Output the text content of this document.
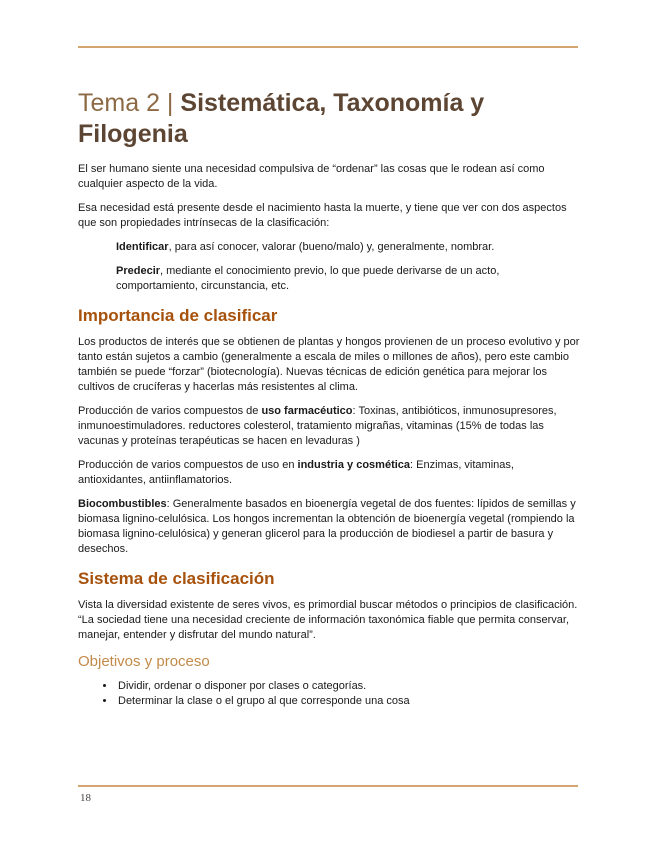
Tema 2 | Sistemática, Taxonomía y Filogenia

El ser humano siente una necesidad compulsiva de “ordenar” las cosas que le rodean así como cualquier aspecto de la vida.

Esa necesidad está presente desde el nacimiento hasta la muerte, y tiene que ver con dos aspectos que son propiedades intrínsecas de la clasificación:

Identificar, para así conocer, valorar (bueno/malo) y, generalmente, nombrar.

Predecir, mediante el conocimiento previo, lo que puede derivarse de un acto, comportamiento, circunstancia, etc.

Importancia de clasificar

Los productos de interés que se obtienen de plantas y hongos provienen de un proceso evolutivo y por tanto están sujetos a cambio (generalmente a escala de miles o millones de años), pero este cambio también se puede “forzar” (biotecnología). Nuevas técnicas de edición genética para mejorar los cultivos de crucíferas y hacerlas más resistentes al clima.

Producción de varios compuestos de uso farmacéutico: Toxinas, antibióticos, inmunosupresores, inmunoestimuladores. reductores colesterol, tratamiento migrañas, vitaminas (15% de todas las vacunas y proteínas terapéuticas se hacen en levaduras )

Producción de varios compuestos de uso en industria y cosmética: Enzimas, vitaminas, antioxidantes, antiinflamatorios.

Biocombustibles: Generalmente basados en bioenergía vegetal de dos fuentes: lípidos de semillas y biomasa lignino-celulósica. Los hongos incrementan la obtención de bioenergía vegetal (rompiendo la biomasa lignino-celulósica) y generan glicerol para la producción de biodiesel a partir de basura y desechos.

Sistema de clasificación

Vista la diversidad existente de seres vivos, es primordial buscar métodos o principios de clasificación. “La sociedad tiene una necesidad creciente de información taxonómica fiable que permita conservar, manejar, entender y disfrutar del mundo natural”.

Objetivos y proceso
• Dividir, ordenar o disponer por clases o categorías.
• Determinar la clase o el grupo al que corresponde una cosa
18
